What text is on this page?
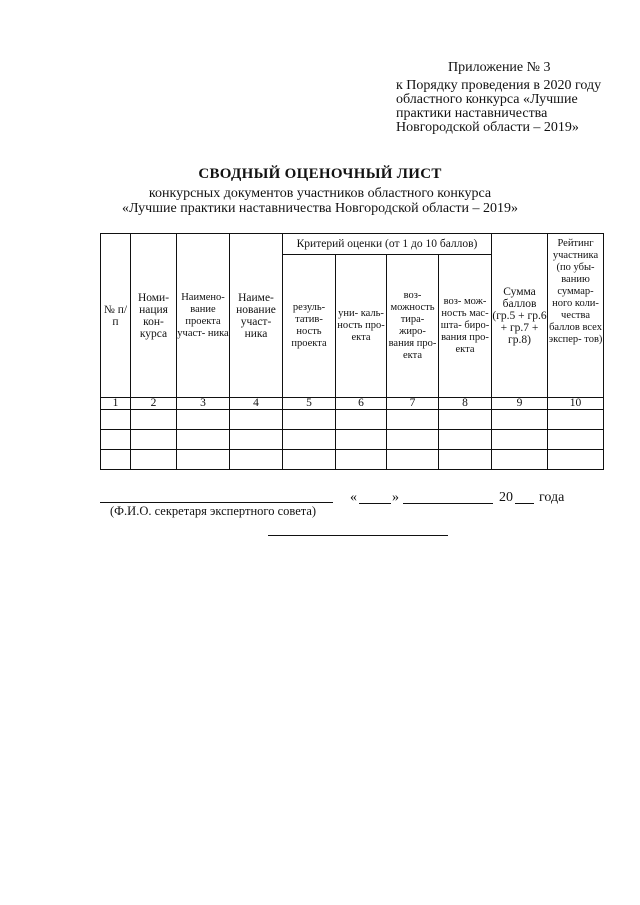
Приложение № 3
к Порядку проведения в 2020 году
областного конкурса «Лучшие
практики наставничества
Новгородской области – 2019»
СВОДНЫЙ ОЦЕНОЧНЫЙ ЛИСТ
конкурсных документов участников областного конкурса
«Лучшие практики наставничества Новгородской области – 2019»
№ п/п	Номи- нация кон- курса	Наимено- вание проекта участ- ника	Наиме- нование участ- ника	Критерий оценки (от 1 до 10 баллов)				Сумма баллов (гр.5 + гр.6 + гр.7 + гр.8)	Рейтинг участника (по убы- ванию суммар- ного коли- чества баллов всех экспер- тов)
				резуль- татив- ность проекта	уни- каль- ность про- екта	воз- можность тира- жиро- вания про- екта	воз- мож- ность мас- шта- биро- вания про- екта		
1	2	3	4	5	6	7	8	9	10

(Ф.И.О. секретаря экспертного совета)
«	»	20 года
